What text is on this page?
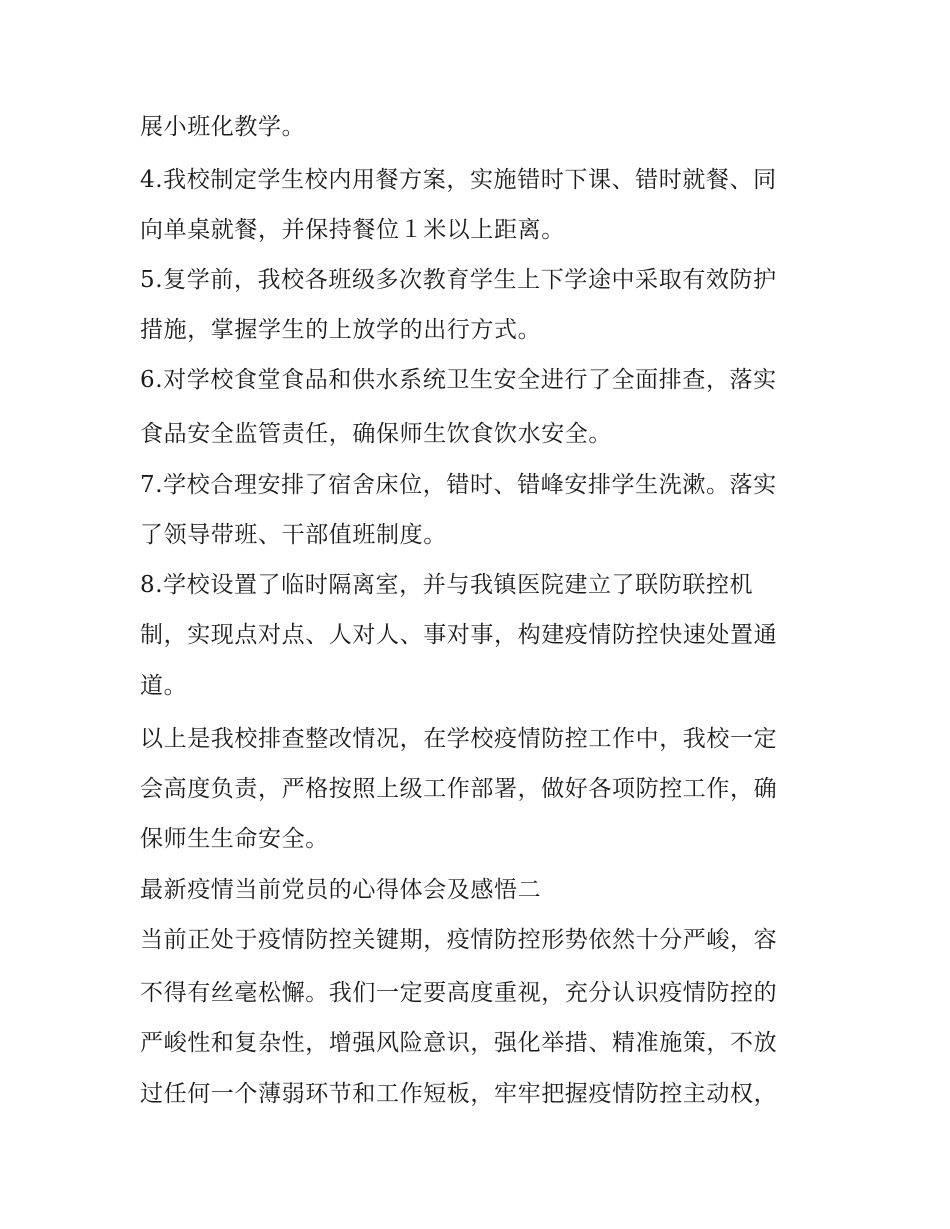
展小班化教学。
4.我校制定学生校内用餐方案，实施错时下课、错时就餐、同
向单桌就餐，并保持餐位１米以上距离。
5.复学前，我校各班级多次教育学生上下学途中采取有效防护
措施，掌握学生的上放学的出行方式。
6.对学校食堂食品和供水系统卫生安全进行了全面排查，落实
食品安全监管责任，确保师生饮食饮水安全。
7.学校合理安排了宿舍床位，错时、错峰安排学生洗漱。落实
了领导带班、干部值班制度。
8.学校设置了临时隔离室，并与我镇医院建立了联防联控机
制，实现点对点、人对人、事对事，构建疫情防控快速处置通
道。
以上是我校排查整改情况，在学校疫情防控工作中，我校一定
会高度负责，严格按照上级工作部署，做好各项防控工作，确
保师生生命安全。
最新疫情当前党员的心得体会及感悟二
当前正处于疫情防控关键期，疫情防控形势依然十分严峻，容
不得有丝毫松懈。我们一定要高度重视，充分认识疫情防控的
严峻性和复杂性，增强风险意识，强化举措、精准施策，不放
过任何一个薄弱环节和工作短板，牢牢把握疫情防控主动权，
